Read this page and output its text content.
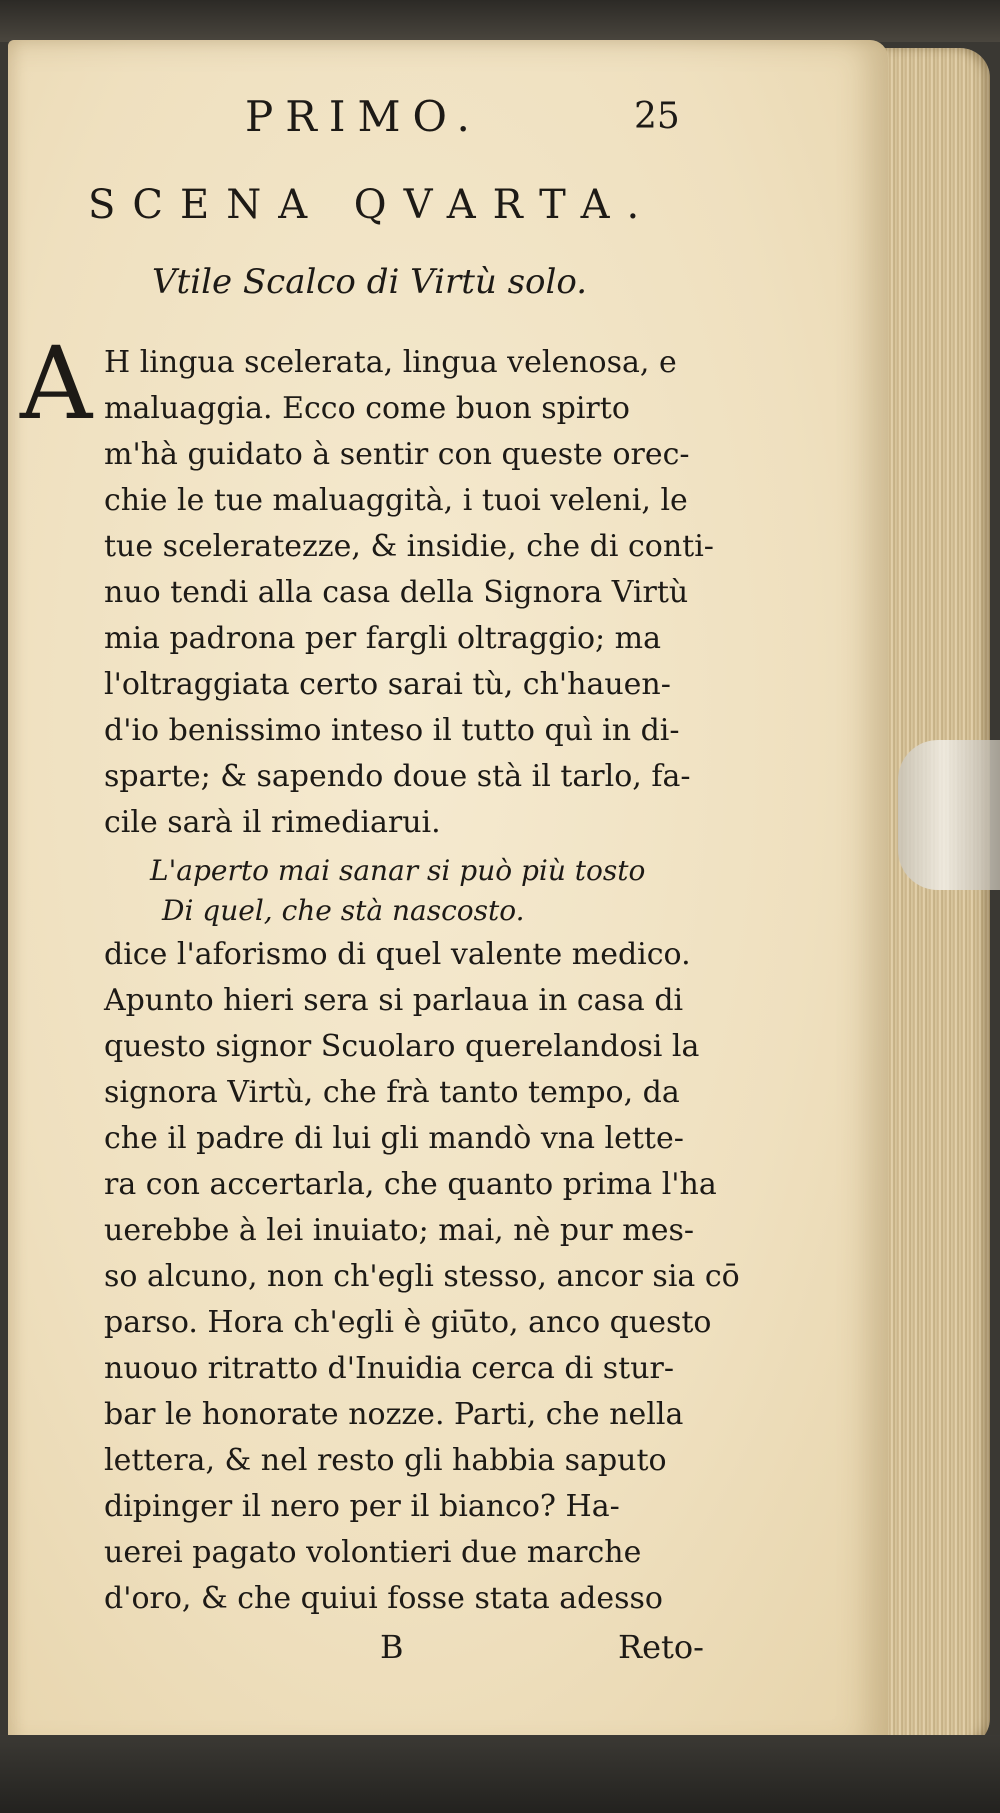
PRIMO.	25
SCENA QVARTA.
Vtile Scalco di Virtù solo.
A H lingua scelerata, lingua velenosa, e
maluaggia. Ecco come buon spirto
m'hà guidato à sentir con queste orec-
chie le tue maluaggità, i tuoi veleni, le
tue sceleratezze, & insidie, che di conti-
nuo tendi alla casa della Signora Virtù
mia padrona per fargli oltraggio; ma
l'oltraggiata certo sarai tù, ch'hauen-
d'io benissimo inteso il tutto quì in di-
sparte; & sapendo doue stà il tarlo, fa-
cile sarà il rimediarui.
L'aperto mai sanar si può più tosto
Di quel, che stà nascosto.
dice l'aforismo di quel valente medico.
Apunto hieri sera si parlaua in casa di
questo signor Scuolaro querelandosi la
signora Virtù, che frà tanto tempo, da
che il padre di lui gli mandò vna lette-
ra con accertarla, che quanto prima l'ha
uerebbe à lei inuiato; mai, nè pur mes-
so alcuno, non ch'egli stesso, ancor sia cō
parso. Hora ch'egli è giūto, anco questo
nuouo ritratto d'Inuidia cerca di stur-
bar le honorate nozze. Parti, che nella
lettera, & nel resto gli habbia saputo
dipinger il nero per il bianco? Ha-
uerei pagato volontieri due marche
d'oro, & che quiui fosse stata adesso
B	Reto-
